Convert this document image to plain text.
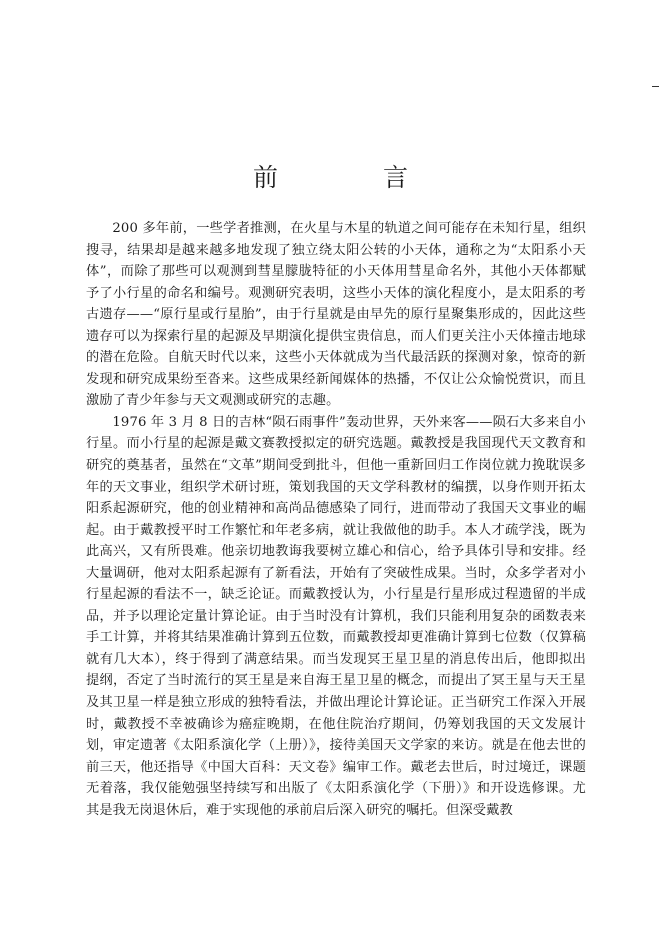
前　言

200 多年前，一些学者推测，在火星与木星的轨道之间可能存在未知行星，组织搜寻，结果却是越来越多地发现了独立绕太阳公转的小天体，通称之为“太阳系小天体”，而除了那些可以观测到彗星朦胧特征的小天体用彗星命名外，其他小天体都赋予了小行星的命名和编号。观测研究表明，这些小天体的演化程度小，是太阳系的考古遗存——“原行星或行星胎”，由于行星就是由早先的原行星聚集形成的，因此这些遗存可以为探索行星的起源及早期演化提供宝贵信息，而人们更关注小天体撞击地球的潜在危险。自航天时代以来，这些小天体就成为当代最活跃的探测对象，惊奇的新发现和研究成果纷至沓来。这些成果经新闻媒体的热播，不仅让公众愉悦赏识，而且激励了青少年参与天文观测或研究的志趣。

1976 年 3 月 8 日的吉林“陨石雨事件”轰动世界，天外来客——陨石大多来自小行星。而小行星的起源是戴文赛教授拟定的研究选题。戴教授是我国现代天文教育和研究的奠基者，虽然在“文革”期间受到批斗，但他一重新回归工作岗位就力挽耽误多年的天文事业，组织学术研讨班，策划我国的天文学科教材的编撰，以身作则开拓太阳系起源研究，他的创业精神和高尚品德感染了同行，进而带动了我国天文事业的崛起。由于戴教授平时工作繁忙和年老多病，就让我做他的助手。本人才疏学浅，既为此高兴，又有所畏难。他亲切地教诲我要树立雄心和信心，给予具体引导和安排。经大量调研，他对太阳系起源有了新看法，开始有了突破性成果。当时，众多学者对小行星起源的看法不一，缺乏论证。而戴教授认为，小行星是行星形成过程遗留的半成品，并予以理论定量计算论证。由于当时没有计算机，我们只能利用复杂的函数表来手工计算，并将其结果准确计算到五位数，而戴教授却更准确计算到七位数（仅算稿就有几大本），终于得到了满意结果。而当发现冥王星卫星的消息传出后，他即拟出提纲，否定了当时流行的冥王星是来自海王星卫星的概念，而提出了冥王星与天王星及其卫星一样是独立形成的独特看法，并做出理论计算论证。正当研究工作深入开展时，戴教授不幸被确诊为癌症晚期，在他住院治疗期间，仍筹划我国的天文发展计划，审定遗著《太阳系演化学（上册）》，接待美国天文学家的来访。就是在他去世的前三天，他还指导《中国大百科：天文卷》编审工作。戴老去世后，时过境迁，课题无着落，我仅能勉强坚持续写和出版了《太阳系演化学（下册）》和开设选修课。尤其是我无岗退休后，难于实现他的承前启后深入研究的嘱托。但深受戴教
